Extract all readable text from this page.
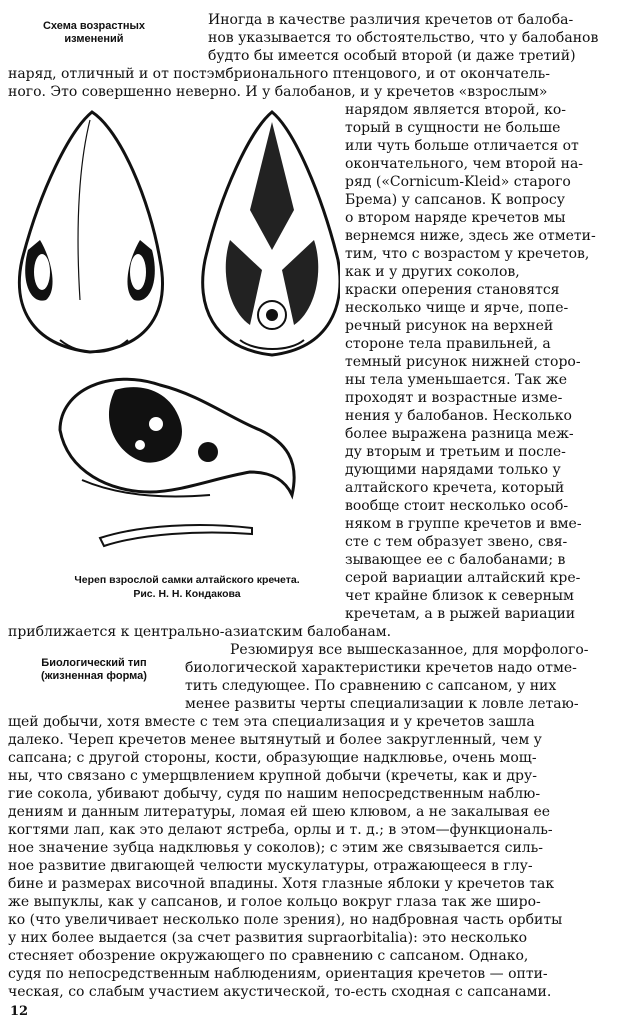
Схема возрастных изменений
Биологический тип (жизненная форма)
Череп взрослой самки алтайского кречета. Рис. Н. Н. Кондакова
Иногда в качестве различия кречетов от балоба-
нов указывается то обстоятельство, что у балобанов
будто бы имеется особый второй (и даже третий)
наряд, отличный и от постэмбрионального птенцового, и от окончатель-
ного. Это совершенно неверно. И у балобанов, и у кречетов «взрослым»
нарядом является второй, ко-
торый в сущности не больше
или чуть больше отличается от
окончательного, чем второй на-
ряд («Cornicum-Kleid» старого
Брема) у сапсанов. К вопросу
о втором наряде кречетов мы
вернемся ниже, здесь же отмети-
тим, что с возрастом у кречетов,
как и у других соколов,
краски оперения становятся
несколько чище и ярче, попе-
речный рисунок на верхней
стороне тела правильней, а
темный рисунок нижней сторо-
ны тела уменьшается. Так же
проходят и возрастные изме-
нения у балобанов. Несколько
более выражена разница меж-
ду вторым и третьим и после-
дующими нарядами только у
алтайского кречета, который
вообще стоит несколько особ-
няком в группе кречетов и вме-
сте с тем образует звено, свя-
зывающее ее с балобанами; в
серой вариации алтайский кре-
чет крайне близок к северным
кречетам, а в рыжей вариации
приближается к центрально-азиатским балобанам.
Резюмируя все вышесказанное, для морфолого-
биологической характеристики кречетов надо отме-
тить следующее. По сравнению с сапсаном, у них
менее развиты черты специализации к ловле летаю-
щей добычи, хотя вместе с тем эта специализация и у кречетов зашла
далеко. Череп кречетов менее вытянутый и более закругленный, чем у
сапсана; с другой стороны, кости, образующие надклювье, очень мощ-
ны, что связано с умерщвлением крупной добычи (кречеты, как и дру-
гие сокола, убивают добычу, судя по нашим непосредственным наблю-
дениям и данным литературы, ломая ей шею клювом, а не закалывая ее
когтями лап, как это делают ястреба, орлы и т. д.; в этом—функциональ-
ное значение зубца надклювья у соколов); с этим же связывается силь-
ное развитие двигающей челюсти мускулатуры, отражающееся в глу-
бине и размерах височной впадины. Хотя глазные яблоки у кречетов так
же выпуклы, как у сапсанов, и голое кольцо вокруг глаза так же широ-
ко (что увеличивает несколько поле зрения), но надбровная часть орбиты
у них более выдается (за счет развития supraorbitalia): это несколько
стесняет обозрение окружающего по сравнению с сапсаном. Однако,
судя по непосредственным наблюдениям, ориентация кречетов — опти-
ческая, со слабым участием акустической, то-есть сходная с сапсанами.
12
